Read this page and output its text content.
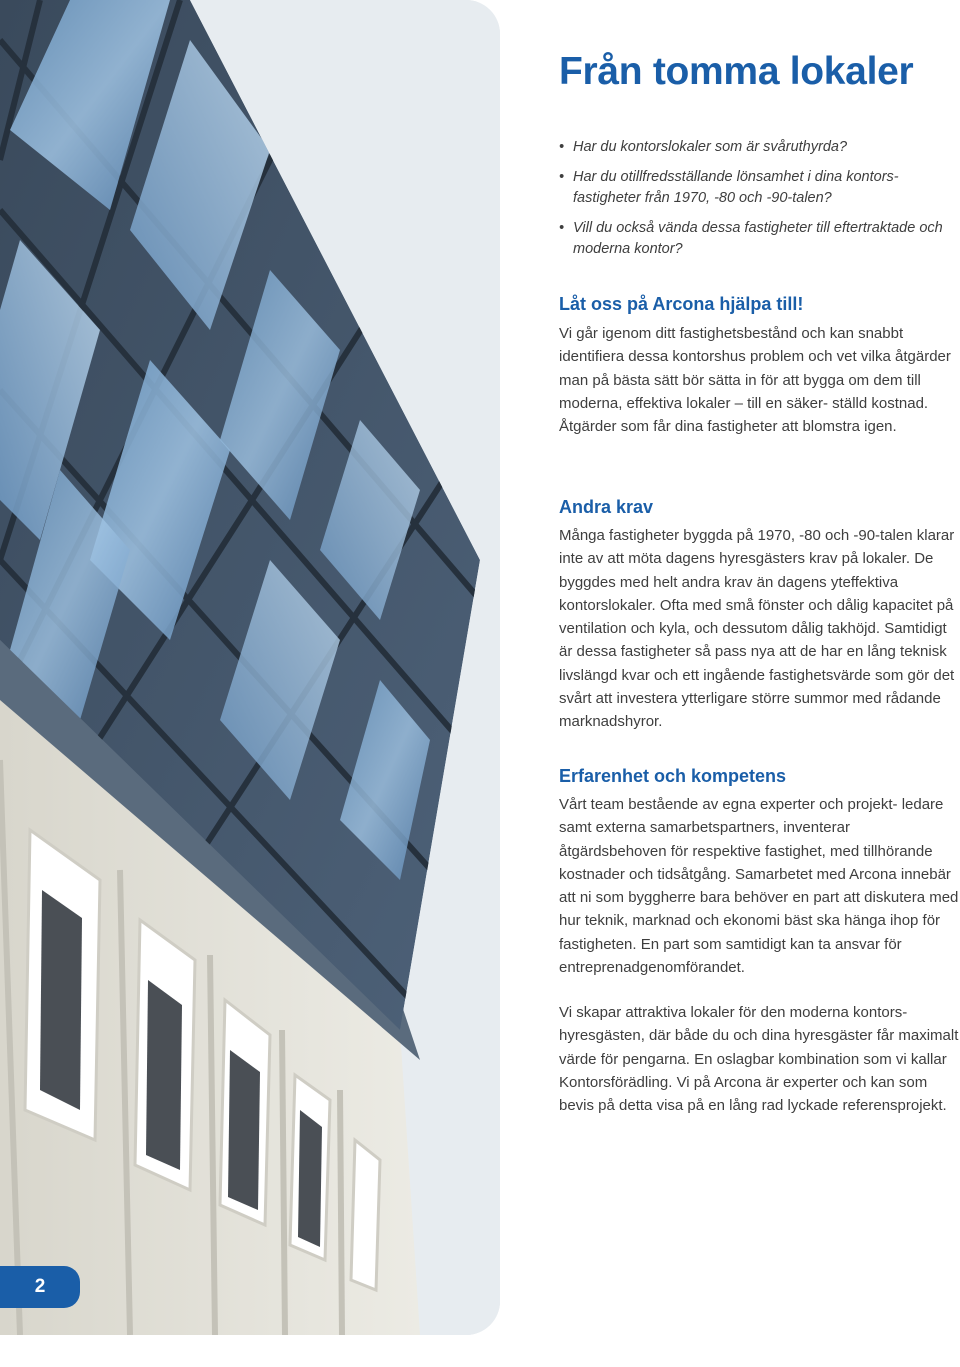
2
Från tomma lokaler
• Har du kontorslokaler som är svåruthyrda?
• Har du otillfredsställande lönsamhet i dina kontors- fastigheter från 1970, -80 och -90-talen?
• Vill du också vända dessa fastigheter till eftertraktade och moderna kontor?
Låt oss på Arcona hjälpa till!

Vi går igenom ditt fastighetsbestånd och kan snabbt identifiera dessa kontorshus problem och vet vilka åtgärder man på bästa sätt bör sätta in för att bygga om dem till moderna, effektiva lokaler – till en säker- ställd kostnad. Åtgärder som får dina fastigheter att blomstra igen.

Andra krav

Många fastigheter byggda på 1970, -80 och -90-talen klarar inte av att möta dagens hyresgästers krav på lokaler. De byggdes med helt andra krav än dagens yteffektiva kontorslokaler. Ofta med små fönster och dålig kapacitet på ventilation och kyla, och dessutom dålig takhöjd. Samtidigt är dessa fastigheter så pass nya att de har en lång teknisk livslängd kvar och ett ingående fastighetsvärde som gör det svårt att investera ytterligare större summor med rådande marknadshyror.

Erfarenhet och kompetens

Vårt team bestående av egna experter och projekt- ledare samt externa samarbetspartners, inventerar åtgärdsbehoven för respektive fastighet, med tillhörande kostnader och tidsåtgång. Samarbetet med Arcona innebär att ni som byggherre bara behöver en part att diskutera med hur teknik, marknad och ekonomi bäst ska hänga ihop för fastigheten. En part som samtidigt kan ta ansvar för entreprenadgenomförandet.

Vi skapar attraktiva lokaler för den moderna kontors- hyresgästen, där både du och dina hyresgäster får maximalt värde för pengarna. En oslagbar kombination som vi kallar Kontorsförädling. Vi på Arcona är experter och kan som bevis på detta visa på en lång rad lyckade referensprojekt.
